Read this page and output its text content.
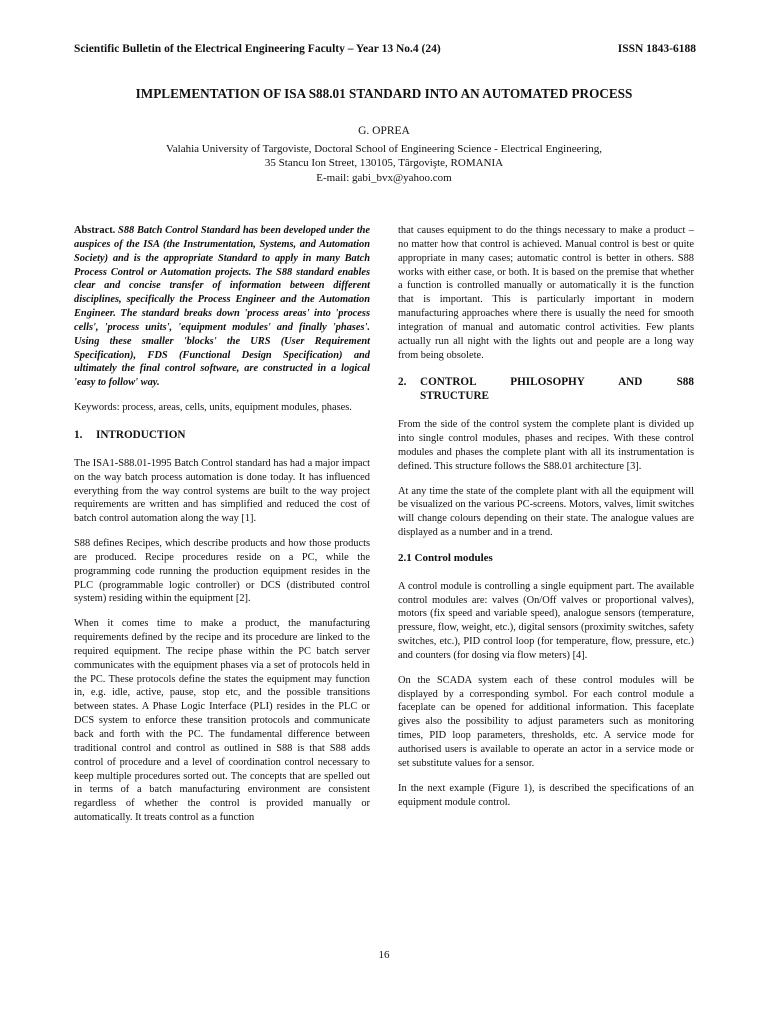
Scientific Bulletin of the Electrical Engineering Faculty – Year 13 No.4 (24)	ISSN 1843-6188
IMPLEMENTATION OF ISA S88.01 STANDARD INTO AN AUTOMATED PROCESS
G. OPREA
Valahia University of Targoviste, Doctoral School of Engineering Science - Electrical Engineering,
35 Stancu Ion Street, 130105, Târgovişte, ROMANIA
E-mail: gabi_bvx@yahoo.com

Abstract. S88 Batch Control Standard has been developed under the auspices of the ISA (the Instrumentation, Systems, and Automation Society) and is the appropriate Standard to apply in many Batch Process Control or Automation projects. The S88 standard enables clear and concise transfer of information between different disciplines, specifically the Process Engineer and the Automation Engineer. The standard breaks down 'process areas' into 'process cells', 'process units', 'equipment modules' and finally 'phases'. Using these smaller 'blocks' the URS (User Requirement Specification), FDS (Functional Design Specification) and ultimately the final control software, are constructed in a logical 'easy to follow' way.

Keywords: process, areas, cells, units, equipment modules, phases.

1.	INTRODUCTION

The ISA1-S88.01-1995 Batch Control standard has had a major impact on the way batch process automation is done today. It has influenced everything from the way control systems are built to the way project requirements are written and has simplified and reduced the cost of batch control automation along the way [1].

S88 defines Recipes, which describe products and how those products are produced. Recipe procedures reside on a PC, while the programming code running the production equipment resides in the PLC (programmable logic controller) or DCS (distributed control system) residing within the equipment [2].

When it comes time to make a product, the manufacturing requirements defined by the recipe and its procedure are linked to the required equipment. The recipe phase within the PC batch server communicates with the equipment phases via a set of protocols held in the PC. These protocols define the states the equipment may function in, e.g. idle, active, pause, stop etc, and the possible transitions between states. A Phase Logic Interface (PLI) resides in the PLC or DCS system to enforce these transition protocols and communicate back and forth with the PC. The fundamental difference between traditional control and control as outlined in S88 is that S88 adds control of procedure and a level of coordination control necessary to keep multiple procedures sorted out. The concepts that are spelled out in terms of a batch manufacturing environment are consistent regardless of whether the control is provided manually or automatically. It treats control as a function

that causes equipment to do the things necessary to make a product – no matter how that control is achieved. Manual control is best or quite appropriate in many cases; automatic control is better in others. S88 works with either case, or both. It is based on the premise that whether a function is controlled manually or automatically it is the function that is important. This is particularly important in modern manufacturing approaches where there is usually the need for smooth integration of manual and automatic control activities. Few plants actually run all night with the lights out and people are a long way from being obsolete.

2.	CONTROL PHILOSOPHY AND S88
STRUCTURE

From the side of the control system the complete plant is divided up into single control modules, phases and recipes. With these control modules and phases the complete plant with all its instrumentation is defined. This structure follows the S88.01 architecture [3].

At any time the state of the complete plant with all the equipment will be visualized on the various PC-screens. Motors, valves, limit switches will change colours depending on their state. The analogue values are displayed as a number and in a trend.

2.1 Control modules

A control module is controlling a single equipment part. The available control modules are: valves (On/Off valves or proportional valves), motors (fix speed and variable speed), analogue sensors (temperature, pressure, flow, weight, etc.), digital sensors (proximity switches, safety switches, etc.), PID control loop (for temperature, flow, pressure, etc.) and counters (for dosing via flow meters) [4].

On the SCADA system each of these control modules will be displayed by a corresponding symbol. For each control module a faceplate can be opened for additional information. This faceplate gives also the possibility to adjust parameters such as monitoring times, PID loop parameters, thresholds, etc. A service mode for authorised users is available to operate an actor in a service mode or set substitute values for a sensor.

In the next example (Figure 1), is described the specifications of an equipment module control.

16
